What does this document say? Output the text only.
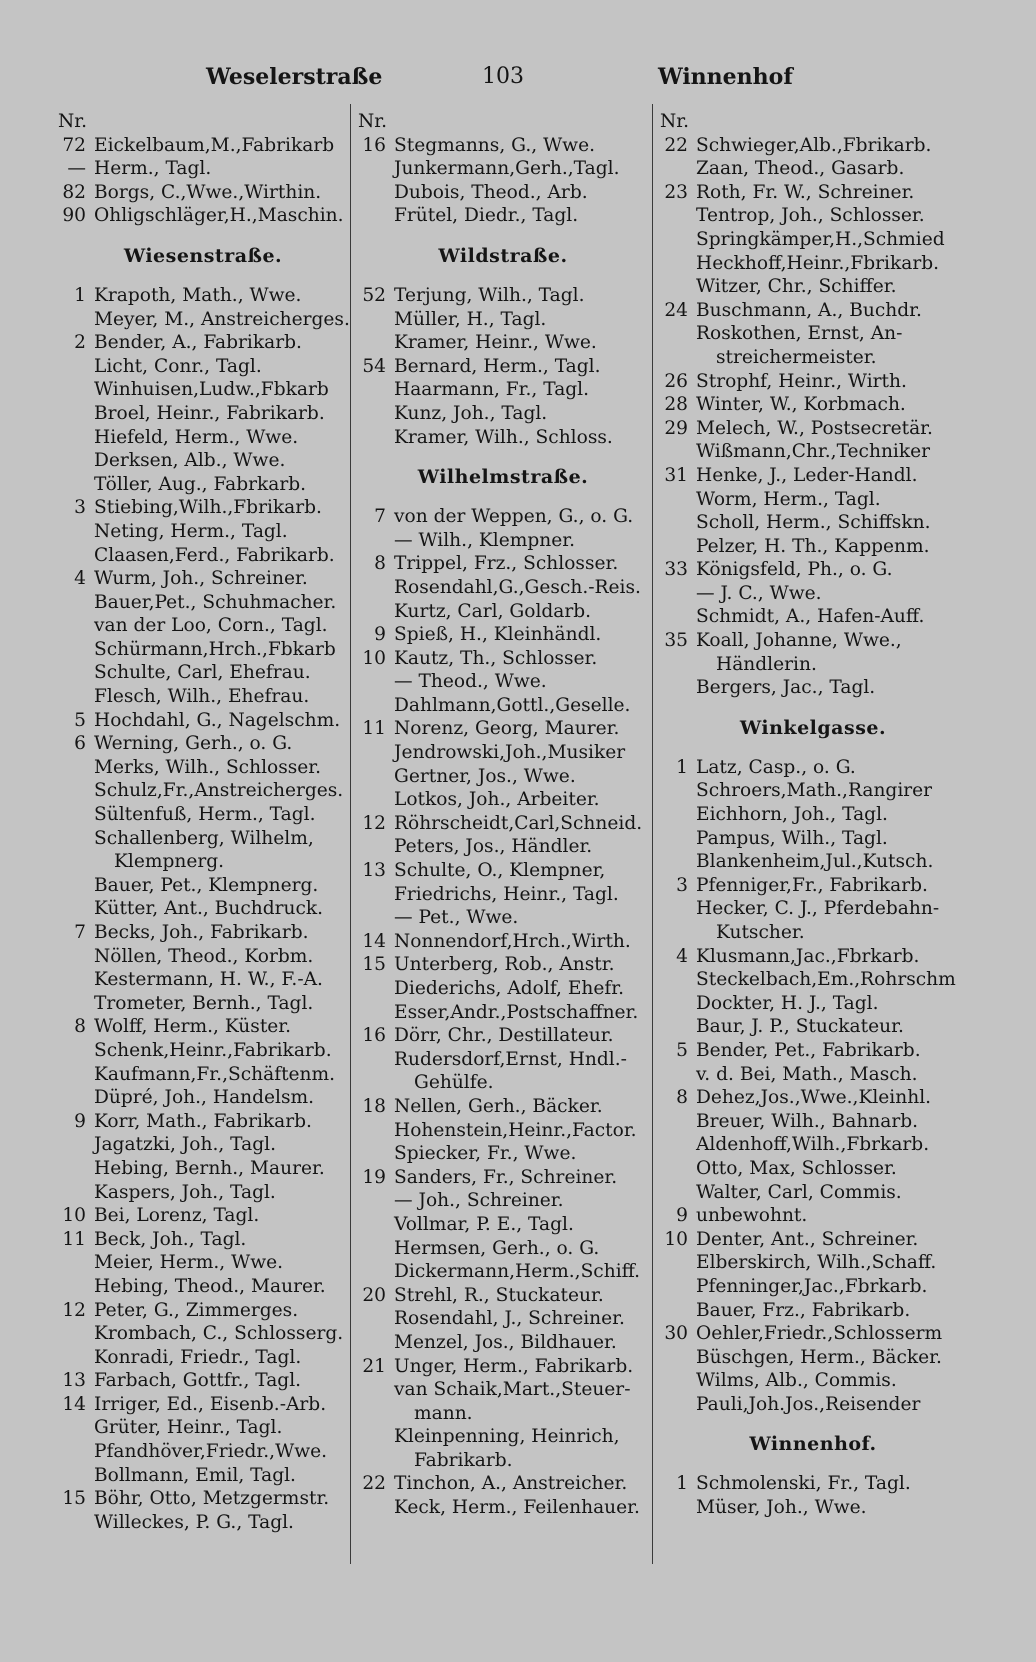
Weselerstraße	103	Winnenhof
Nr.
72 Eickelbaum,M.,Fabrikarb
— Herm., Tagl.
82 Borgs, C.,Wwe.,Wirthin.
90 Ohligschläger,H.,Maschin.
Wiesenstraße.
1 Krapoth, Math., Wwe.
Meyer, M., Anstreicherges.
2 Bender, A., Fabrikarb.
Licht, Conr., Tagl.
Winhuisen,Ludw.,Fbkarb
Broel, Heinr., Fabrikarb.
Hiefeld, Herm., Wwe.
Derksen, Alb., Wwe.
Töller, Aug., Fabrkarb.
3 Stiebing,Wilh.,Fbrikarb.
Neting, Herm., Tagl.
Claasen,Ferd., Fabrikarb.
4 Wurm, Joh., Schreiner.
Bauer,Pet., Schuhmacher.
van der Loo, Corn., Tagl.
Schürmann,Hrch.,Fbkarb
Schulte, Carl, Ehefrau.
Flesch, Wilh., Ehefrau.
5 Hochdahl, G., Nagelschm.
6 Werning, Gerh., o. G.
Merks, Wilh., Schlosser.
Schulz,Fr.,Anstreicherges.
Sültenfuß, Herm., Tagl.
Schallenberg, Wilhelm,
Klempnerg.
Bauer, Pet., Klempnerg.
Kütter, Ant., Buchdruck.
7 Becks, Joh., Fabrikarb.
Nöllen, Theod., Korbm.
Kestermann, H. W., F.-A.
Trometer, Bernh., Tagl.
8 Wolff, Herm., Küster.
Schenk,Heinr.,Fabrikarb.
Kaufmann,Fr.,Schäftenm.
Düpré, Joh., Handelsm.
9 Korr, Math., Fabrikarb.
Jagatzki, Joh., Tagl.
Hebing, Bernh., Maurer.
Kaspers, Joh., Tagl.
10 Bei, Lorenz, Tagl.
11 Beck, Joh., Tagl.
Meier, Herm., Wwe.
Hebing, Theod., Maurer.
12 Peter, G., Zimmerges.
Krombach, C., Schlosserg.
Konradi, Friedr., Tagl.
13 Farbach, Gottfr., Tagl.
14 Irriger, Ed., Eisenb.-Arb.
Grüter, Heinr., Tagl.
Pfandhöver,Friedr.,Wwe.
Bollmann, Emil, Tagl.
15 Böhr, Otto, Metzgermstr.
Willeckes, P. G., Tagl.
Nr.
16 Stegmanns, G., Wwe.
Junkermann,Gerh.,Tagl.
Dubois, Theod., Arb.
Frütel, Diedr., Tagl.
Wildstraße.
52 Terjung, Wilh., Tagl.
Müller, H., Tagl.
Kramer, Heinr., Wwe.
54 Bernard, Herm., Tagl.
Haarmann, Fr., Tagl.
Kunz, Joh., Tagl.
Kramer, Wilh., Schloss.
Wilhelmstraße.
7 von der Weppen, G., o. G.
— Wilh., Klempner.
8 Trippel, Frz., Schlosser.
Rosendahl,G.,Gesch.-Reis.
Kurtz, Carl, Goldarb.
9 Spieß, H., Kleinhändl.
10 Kautz, Th., Schlosser.
— Theod., Wwe.
Dahlmann,Gottl.,Geselle.
11 Norenz, Georg, Maurer.
Jendrowski,Joh.,Musiker
Gertner, Jos., Wwe.
Lotkos, Joh., Arbeiter.
12 Röhrscheidt,Carl,Schneid.
Peters, Jos., Händler.
13 Schulte, O., Klempner,
Friedrichs, Heinr., Tagl.
— Pet., Wwe.
14 Nonnendorf,Hrch.,Wirth.
15 Unterberg, Rob., Anstr.
Diederichs, Adolf, Ehefr.
Esser,Andr.,Postschaffner.
16 Dörr, Chr., Destillateur.
Rudersdorf,Ernst, Hndl.-
Gehülfe.
18 Nellen, Gerh., Bäcker.
Hohenstein,Heinr.,Factor.
Spiecker, Fr., Wwe.
19 Sanders, Fr., Schreiner.
— Joh., Schreiner.
Vollmar, P. E., Tagl.
Hermsen, Gerh., o. G.
Dickermann,Herm.,Schiff.
20 Strehl, R., Stuckateur.
Rosendahl, J., Schreiner.
Menzel, Jos., Bildhauer.
21 Unger, Herm., Fabrikarb.
van Schaik,Mart.,Steuer-
mann.
Kleinpenning, Heinrich,
Fabrikarb.
22 Tinchon, A., Anstreicher.
Keck, Herm., Feilenhauer.
Nr.
22 Schwieger,Alb.,Fbrikarb.
Zaan, Theod., Gasarb.
23 Roth, Fr. W., Schreiner.
Tentrop, Joh., Schlosser.
Springkämper,H.,Schmied
Heckhoff,Heinr.,Fbrikarb.
Witzer, Chr., Schiffer.
24 Buschmann, A., Buchdr.
Roskothen, Ernst, An-
streichermeister.
26 Strophf, Heinr., Wirth.
28 Winter, W., Korbmach.
29 Melech, W., Postsecretär.
Wißmann,Chr.,Techniker
31 Henke, J., Leder-Handl.
Worm, Herm., Tagl.
Scholl, Herm., Schiffskn.
Pelzer, H. Th., Kappenm.
33 Königsfeld, Ph., o. G.
— J. C., Wwe.
Schmidt, A., Hafen-Auff.
35 Koall, Johanne, Wwe.,
Händlerin.
Bergers, Jac., Tagl.
Winkelgasse.
1 Latz, Casp., o. G.
Schroers,Math.,Rangirer
Eichhorn, Joh., Tagl.
Pampus, Wilh., Tagl.
Blankenheim,Jul.,Kutsch.
3 Pfenniger,Fr., Fabrikarb.
Hecker, C. J., Pferdebahn-
Kutscher.
4 Klusmann,Jac.,Fbrkarb.
Steckelbach,Em.,Rohrschm
Dockter, H. J., Tagl.
Baur, J. P., Stuckateur.
5 Bender, Pet., Fabrikarb.
v. d. Bei, Math., Masch.
8 Dehez,Jos.,Wwe.,Kleinhl.
Breuer, Wilh., Bahnarb.
Aldenhoff,Wilh.,Fbrkarb.
Otto, Max, Schlosser.
Walter, Carl, Commis.
9 unbewohnt.
10 Denter, Ant., Schreiner.
Elberskirch, Wilh.,Schaff.
Pfenninger,Jac.,Fbrkarb.
Bauer, Frz., Fabrikarb.
30 Oehler,Friedr.,Schlosserm
Büschgen, Herm., Bäcker.
Wilms, Alb., Commis.
Pauli,Joh.Jos.,Reisender
Winnenhof.
1 Schmolenski, Fr., Tagl.
Müser, Joh., Wwe.
